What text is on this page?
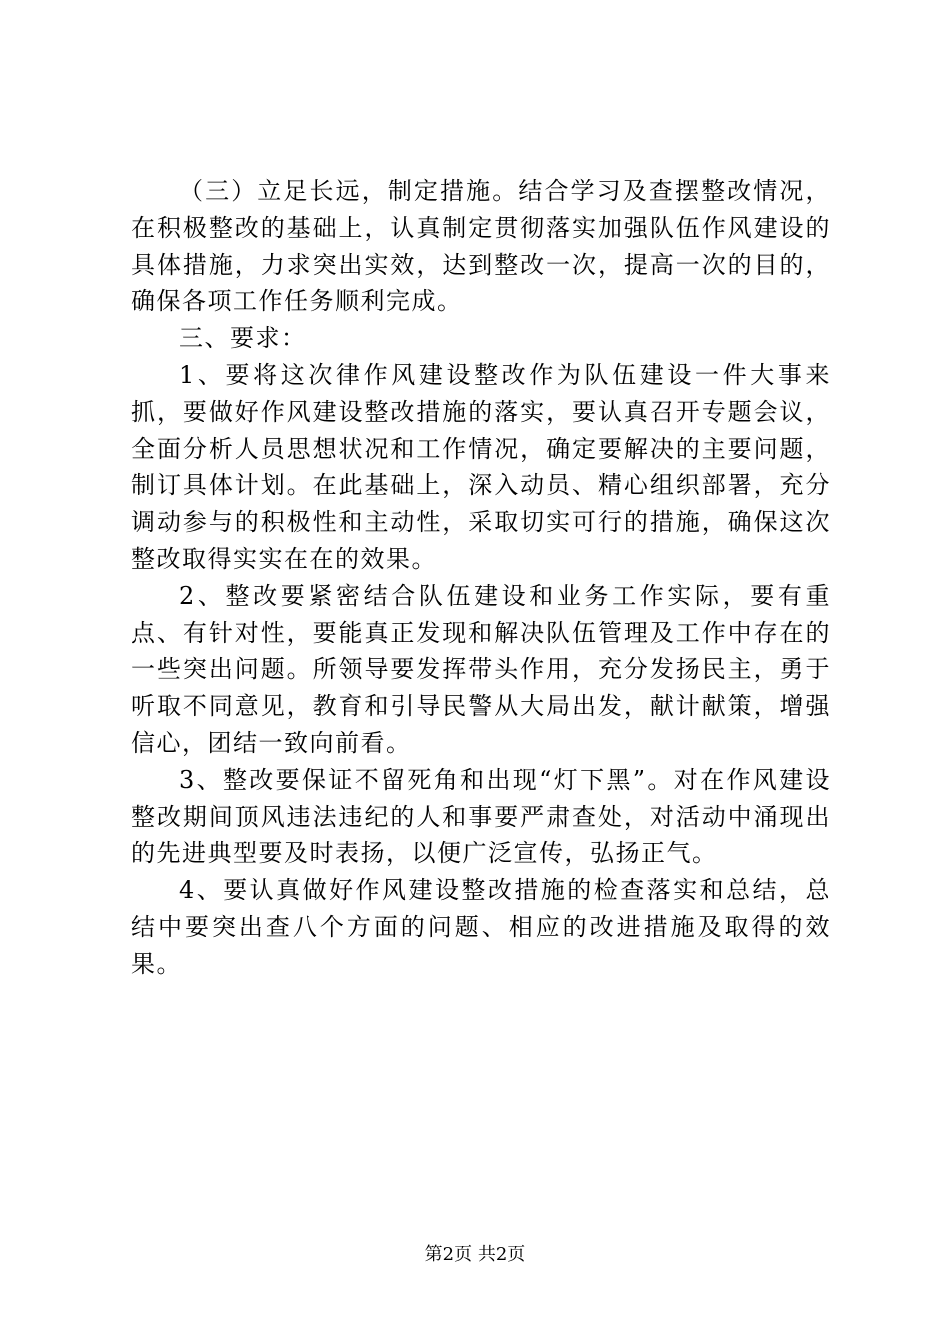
（三）立足长远，制定措施。结合学习及查摆整改情况，在积极整改的基础上，认真制定贯彻落实加强队伍作风建设的具体措施，力求突出实效，达到整改一次，提高一次的目的，确保各项工作任务顺利完成。

三、要求：

1、要将这次律作风建设整改作为队伍建设一件大事来抓，要做好作风建设整改措施的落实，要认真召开专题会议，全面分析人员思想状况和工作情况，确定要解决的主要问题，制订具体计划。在此基础上，深入动员、精心组织部署，充分调动参与的积极性和主动性，采取切实可行的措施，确保这次整改取得实实在在的效果。

2、整改要紧密结合队伍建设和业务工作实际，要有重点、有针对性，要能真正发现和解决队伍管理及工作中存在的一些突出问题。所领导要发挥带头作用，充分发扬民主，勇于听取不同意见，教育和引导民警从大局出发，献计献策，增强信心，团结一致向前看。

3、整改要保证不留死角和出现“灯下黑”。对在作风建设整改期间顶风违法违纪的人和事要严肃查处，对活动中涌现出的先进典型要及时表扬，以便广泛宣传，弘扬正气。

4、要认真做好作风建设整改措施的检查落实和总结，总结中要突出查八个方面的问题、相应的改进措施及取得的效果。

第2页 共2页
